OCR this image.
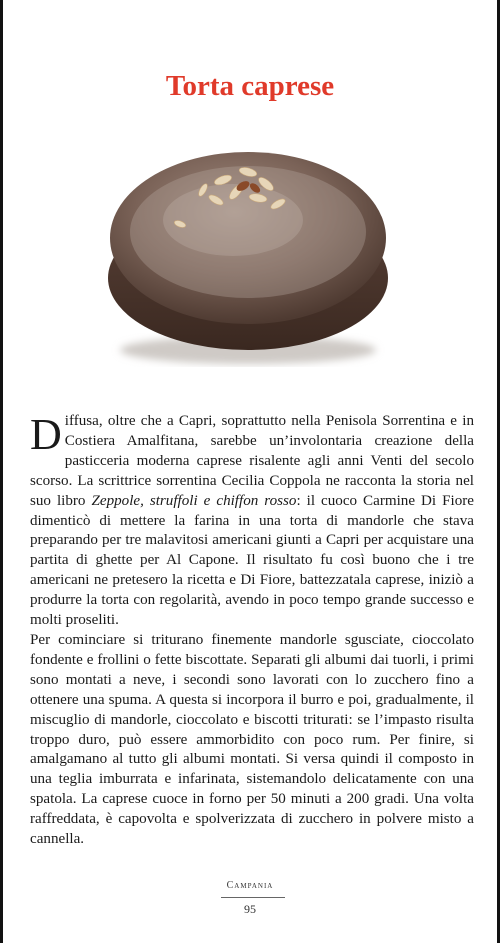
Torta caprese

Diffusa, oltre che a Capri, soprattutto nella Penisola Sorrentina e in Costiera Amalfitana, sarebbe un’involontaria creazione della pasticceria moderna caprese risalente agli anni Venti del secolo scorso. La scrittrice sorrentina Cecilia Coppola ne racconta la storia nel suo libro Zeppole, struffoli e chiffon rosso: il cuoco Carmine Di Fiore dimenticò di mettere la farina in una torta di mandorle che stava preparando per tre malavitosi americani giunti a Capri per acquistare una partita di ghette per Al Capone. Il risultato fu così buono che i tre americani ne pretesero la ricetta e Di Fiore, battezzatala caprese, iniziò a produrre la torta con regolarità, avendo in poco tempo grande successo e molti proseliti.

Per cominciare si triturano finemente mandorle sgusciate, cioccolato fondente e frollini o fette biscottate. Separati gli albumi dai tuorli, i primi sono montati a neve, i secondi sono lavorati con lo zucchero fino a ottenere una spuma. A questa si incorpora il burro e poi, gradualmente, il miscuglio di mandorle, cioccolato e biscotti triturati: se l’impasto risulta troppo duro, può essere ammorbidito con poco rum. Per finire, si amalgamano al tutto gli albumi montati. Si versa quindi il composto in una teglia imburrata e infarinata, sistemandolo delicatamente con una spatola. La caprese cuoce in forno per 50 minuti a 200 gradi. Una volta raffreddata, è capovolta e spolverizzata di zucchero in polvere misto a cannella.

Campania
95
